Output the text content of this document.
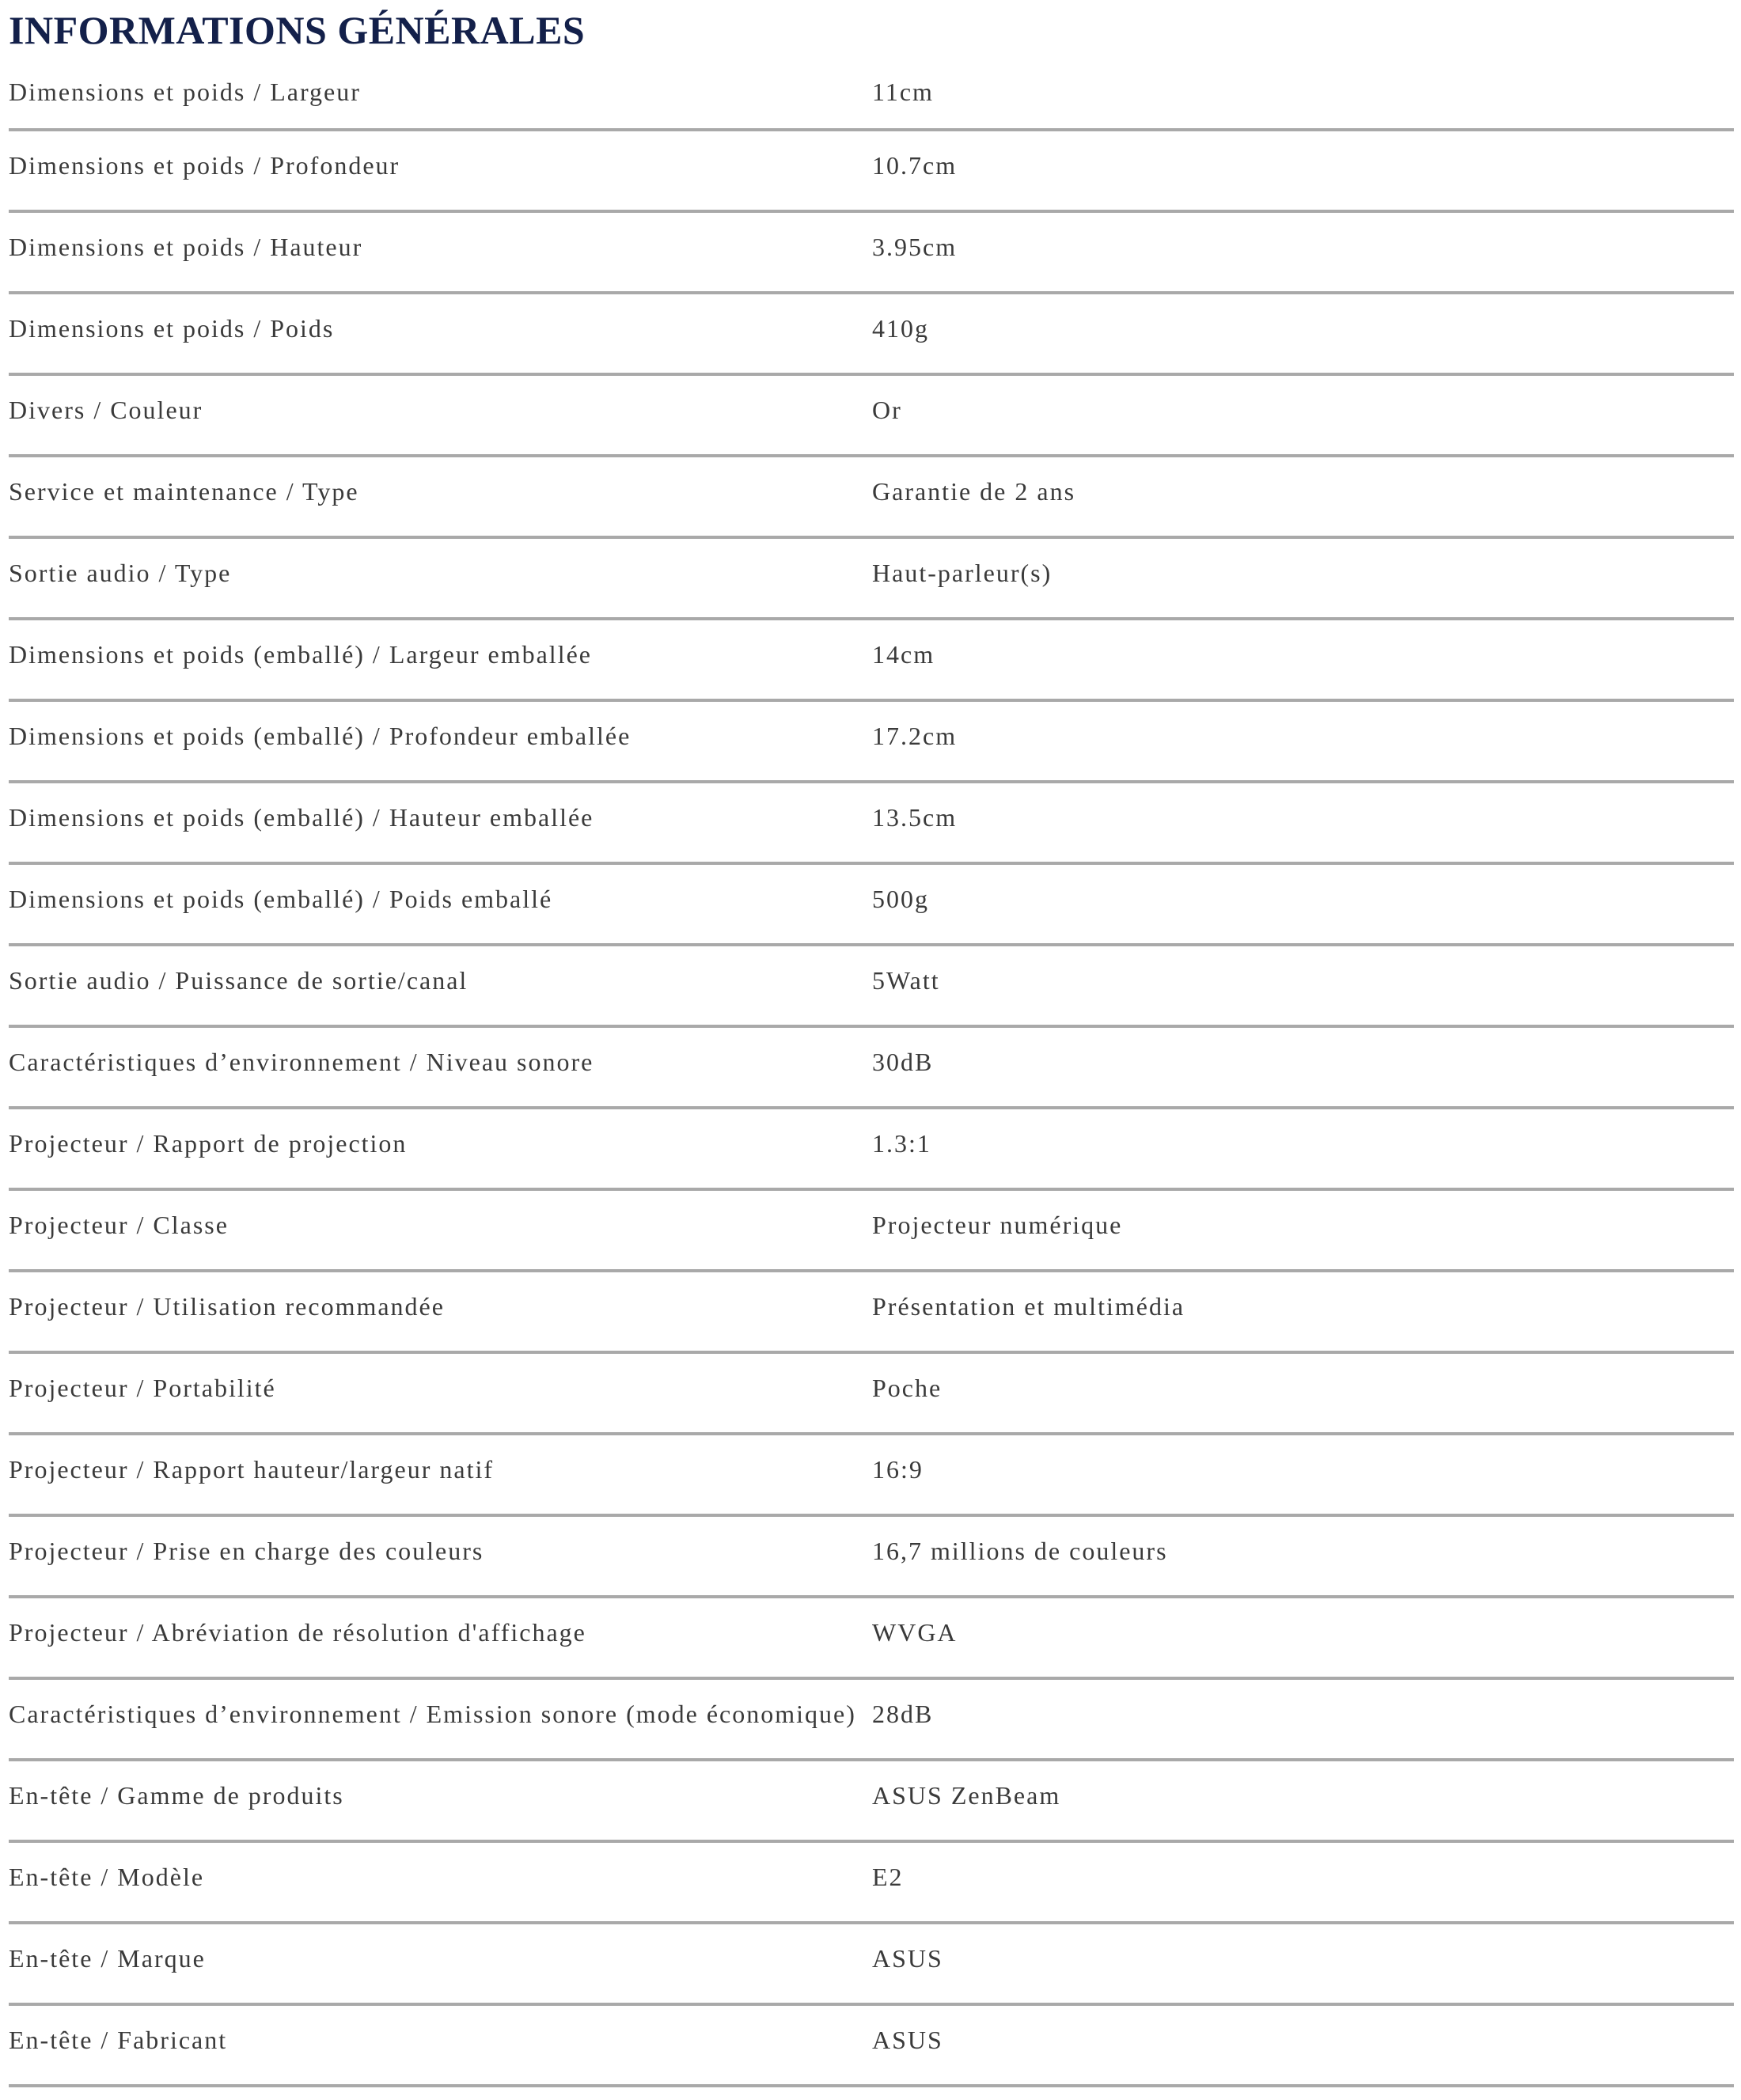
INFORMATIONS GÉNÉRALES
Dimensions et poids / Largeur	11cm
Dimensions et poids / Profondeur	10.7cm
Dimensions et poids / Hauteur	3.95cm
Dimensions et poids / Poids	410g
Divers / Couleur	Or
Service et maintenance / Type	Garantie de 2 ans
Sortie audio / Type	Haut-parleur(s)
Dimensions et poids (emballé) / Largeur emballée	14cm
Dimensions et poids (emballé) / Profondeur emballée	17.2cm
Dimensions et poids (emballé) / Hauteur emballée	13.5cm
Dimensions et poids (emballé) / Poids emballé	500g
Sortie audio / Puissance de sortie/canal	5Watt
Caractéristiques d’environnement / Niveau sonore	30dB
Projecteur / Rapport de projection	1.3:1
Projecteur / Classe	Projecteur numérique
Projecteur / Utilisation recommandée	Présentation et multimédia
Projecteur / Portabilité	Poche
Projecteur / Rapport hauteur/largeur natif	16:9
Projecteur / Prise en charge des couleurs	16,7 millions de couleurs
Projecteur / Abréviation de résolution d'affichage	WVGA
Caractéristiques d’environnement / Emission sonore (mode économique) 28dB
En-tête / Gamme de produits	ASUS ZenBeam
En-tête / Modèle	E2
En-tête / Marque	ASUS
En-tête / Fabricant	ASUS
